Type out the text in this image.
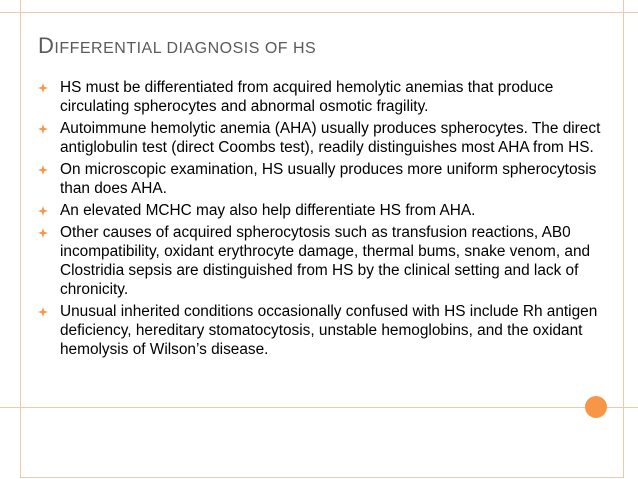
DIFFERENTIAL DIAGNOSIS OF HS
HS must be differentiated from acquired hemolytic anemias that produce circulating spherocytes and abnormal osmotic fragility.
Autoimmune hemolytic anemia (AHA) usually produces spherocytes. The direct antiglobulin test (direct Coombs test), readily distinguishes most AHA from HS.
On microscopic examination, HS usually produces more uniform spherocytosis than does AHA.
An elevated MCHC may also help differentiate HS from AHA.
Other causes of acquired spherocytosis such as transfusion reactions, AB0 incompatibility, oxidant erythrocyte damage, thermal bums, snake venom, and Clostridia sepsis are distinguished from HS by the clinical setting and lack of chronicity.
Unusual inherited conditions occasionally confused with HS include Rh antigen deficiency, hereditary stomatocytosis, unstable hemoglobins, and the oxidant hemolysis of Wilson’s disease.
